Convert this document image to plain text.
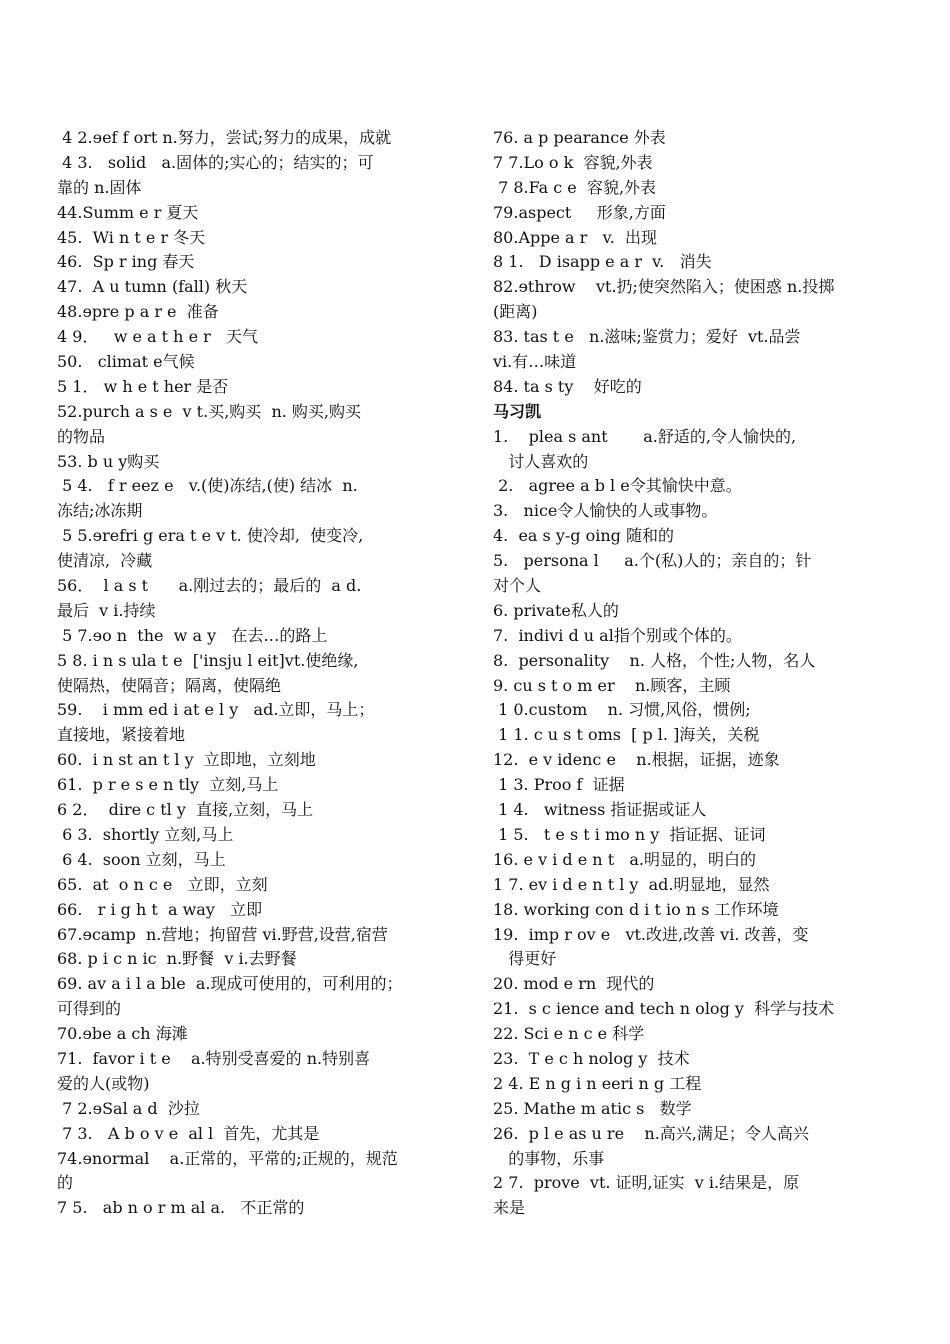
4 2.ɘef f ort n.努力，尝试;努力的成果，成就
4 3.   solid   a.固体的;实心的；结实的；可
靠的 n.固体
44.Summ e r 夏天
45.  Wi n t e r 冬天
46.  Sp r ing 春天
47.  A u tumn (fall) 秋天
48.ɘpre p a r e  准备
4 9．   w e a t h e r   天气
50.   climat e气候
5 1． w h e t her 是否
52.purch a s e  v t.买,购买  n. 购买,购买
的物品
53. b u y购买
5 4.   f r eez e   v.(使)冻结,(使) 结冰  n.
冻结;冰冻期
5 5.ɘrefri g era t e v t. 使冷却,  使变冷,
使清凉,  冷藏
56．  l a s t      a.刚过去的；最后的  a d.
最后  v i.持续
5 7.ɘo n  the  w a y   在去…的路上
5 8. i n s ula t e  ['insju l eit]vt.使绝缘,
使隔热，使隔音；隔离，使隔绝
59.    i mm ed i at e l y   ad.立即，马上；
直接地，紧接着地
60.  i n st an t l y  立即地，立刻地
61.  p r e s e n tly  立刻,马上
6 2．  dire c tl y  直接,立刻，马上
6 3.  shortly 立刻,马上
6 4.  soon 立刻，马上
65.  at  o n c e   立即，立刻
66.   r i g h t  a way   立即
67.ɘcamp  n.营地；拘留营 vi.野营,设营,宿营
68. p i c n ic  n.野餐  v i.去野餐
69. av a i l a ble  a.现成可使用的，可利用的；
可得到的
70.ɘbe a ch 海滩
71.  favor i t e    a.特别受喜爱的 n.特别喜
爱的人(或物)
7 2.ɘSal a d  沙拉
7 3.   A b o v e  al l  首先，尤其是
74.ɘnormal    a.正常的，平常的;正规的，规范
的
7 5.   ab n o r m al a.   不正常的
76. a p pearance 外表
7 7.Lo o k  容貌,外表
7 8.Fa c e  容貌,外表
79.aspect     形象,方面
80.Appe a r   v.  出现
8 1.   D isapp e a r  v.   消失
82.ɘthrow    vt.扔;使突然陷入；使困惑 n.投掷
(距离)
83. tas t e   n.滋味;鉴赏力；爱好  vt.品尝
vi.有…味道
84. ta s ty    好吃的
马习凯
1.    plea s ant       a.舒适的,令人愉快的,
讨人喜欢的
2.   agree a b l e令其愉快中意。
3.   nice令人愉快的人或事物。
4.  ea s y-g oing 随和的
5.   persona l     a.个(私)人的；亲自的；针
对个人
6. private私人的
7.  indivi d u al指个别或个体的。
8.  personality    n. 人格，个性;人物，名人
9. cu s t o m er    n.顾客，主顾
1 0.custom    n. 习惯,风俗，惯例;
1 1. c u s t oms  [ p l. ]海关，关税
12.  e v idenc e    n.根据，证据，迹象
1 3. Proo f  证据
1 4.   witness 指证据或证人
1 5.   t e s t i mo n y  指证据、证词
16. e v i d e n t   a.明显的，明白的
1 7. ev i d e n t l y  ad.明显地，显然
18. working con d i t io n s 工作环境
19.  imp r ov e   vt.改进,改善 vi. 改善，变
得更好
20. mod e rn  现代的
21.  s c ience and tech n olog y  科学与技术
22. Sci e n c e 科学
23.  T e c h nolog y  技术
2 4. E n g i n eeri n g 工程
25. Mathe m atic s   数学
26.  p l e as u re    n.高兴,满足；令人高兴
的事物，乐事
2 7.  prove  vt. 证明,证实  v i.结果是，原
来是
